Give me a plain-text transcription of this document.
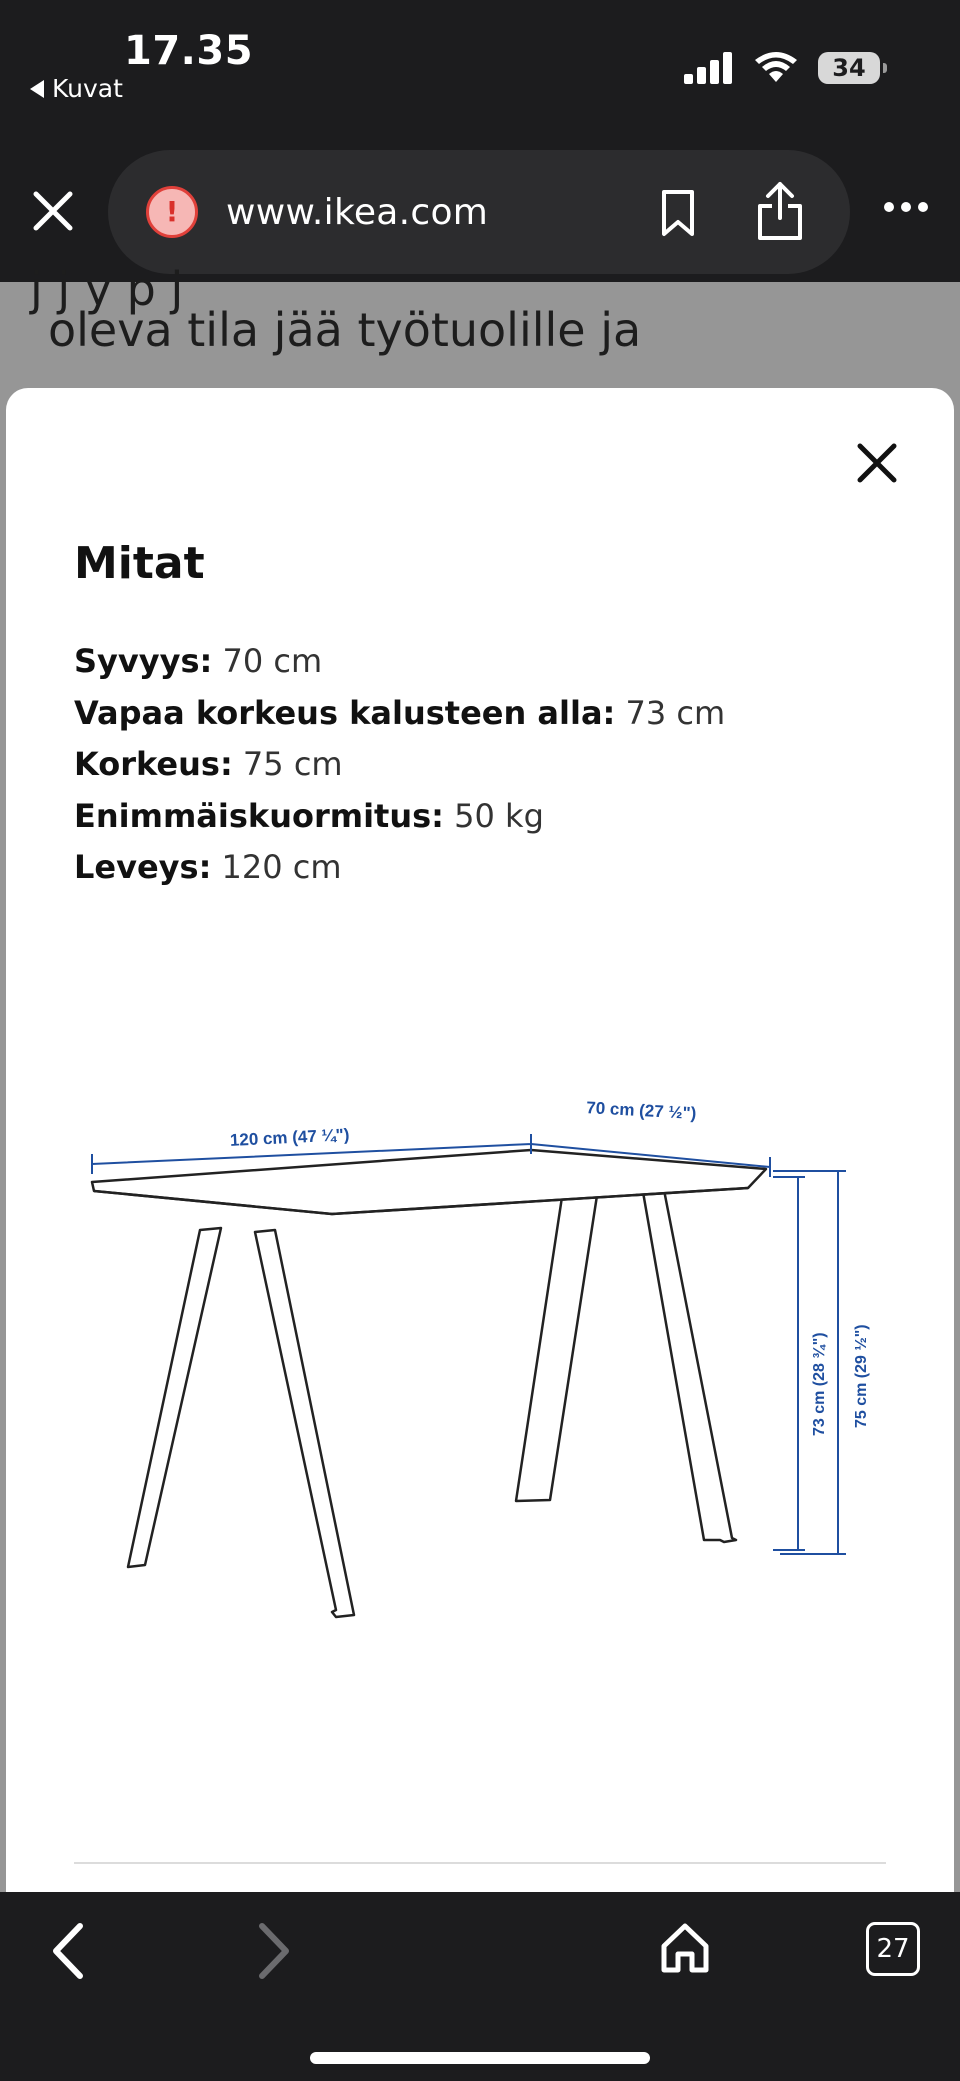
17.35
Kuvat
34
!	www.ikea.com
j j y p j
oleva tila jää työtuolille ja
Mitat
Syvyys: 70 cm
Vapaa korkeus kalusteen alla: 73 cm
Korkeus: 75 cm
Enimmäiskuormitus: 50 kg
Leveys: 120 cm
120 cm (47 ¼")
70 cm (27 ½")
73 cm (28 ¾") 75 cm (29 ½")
27
